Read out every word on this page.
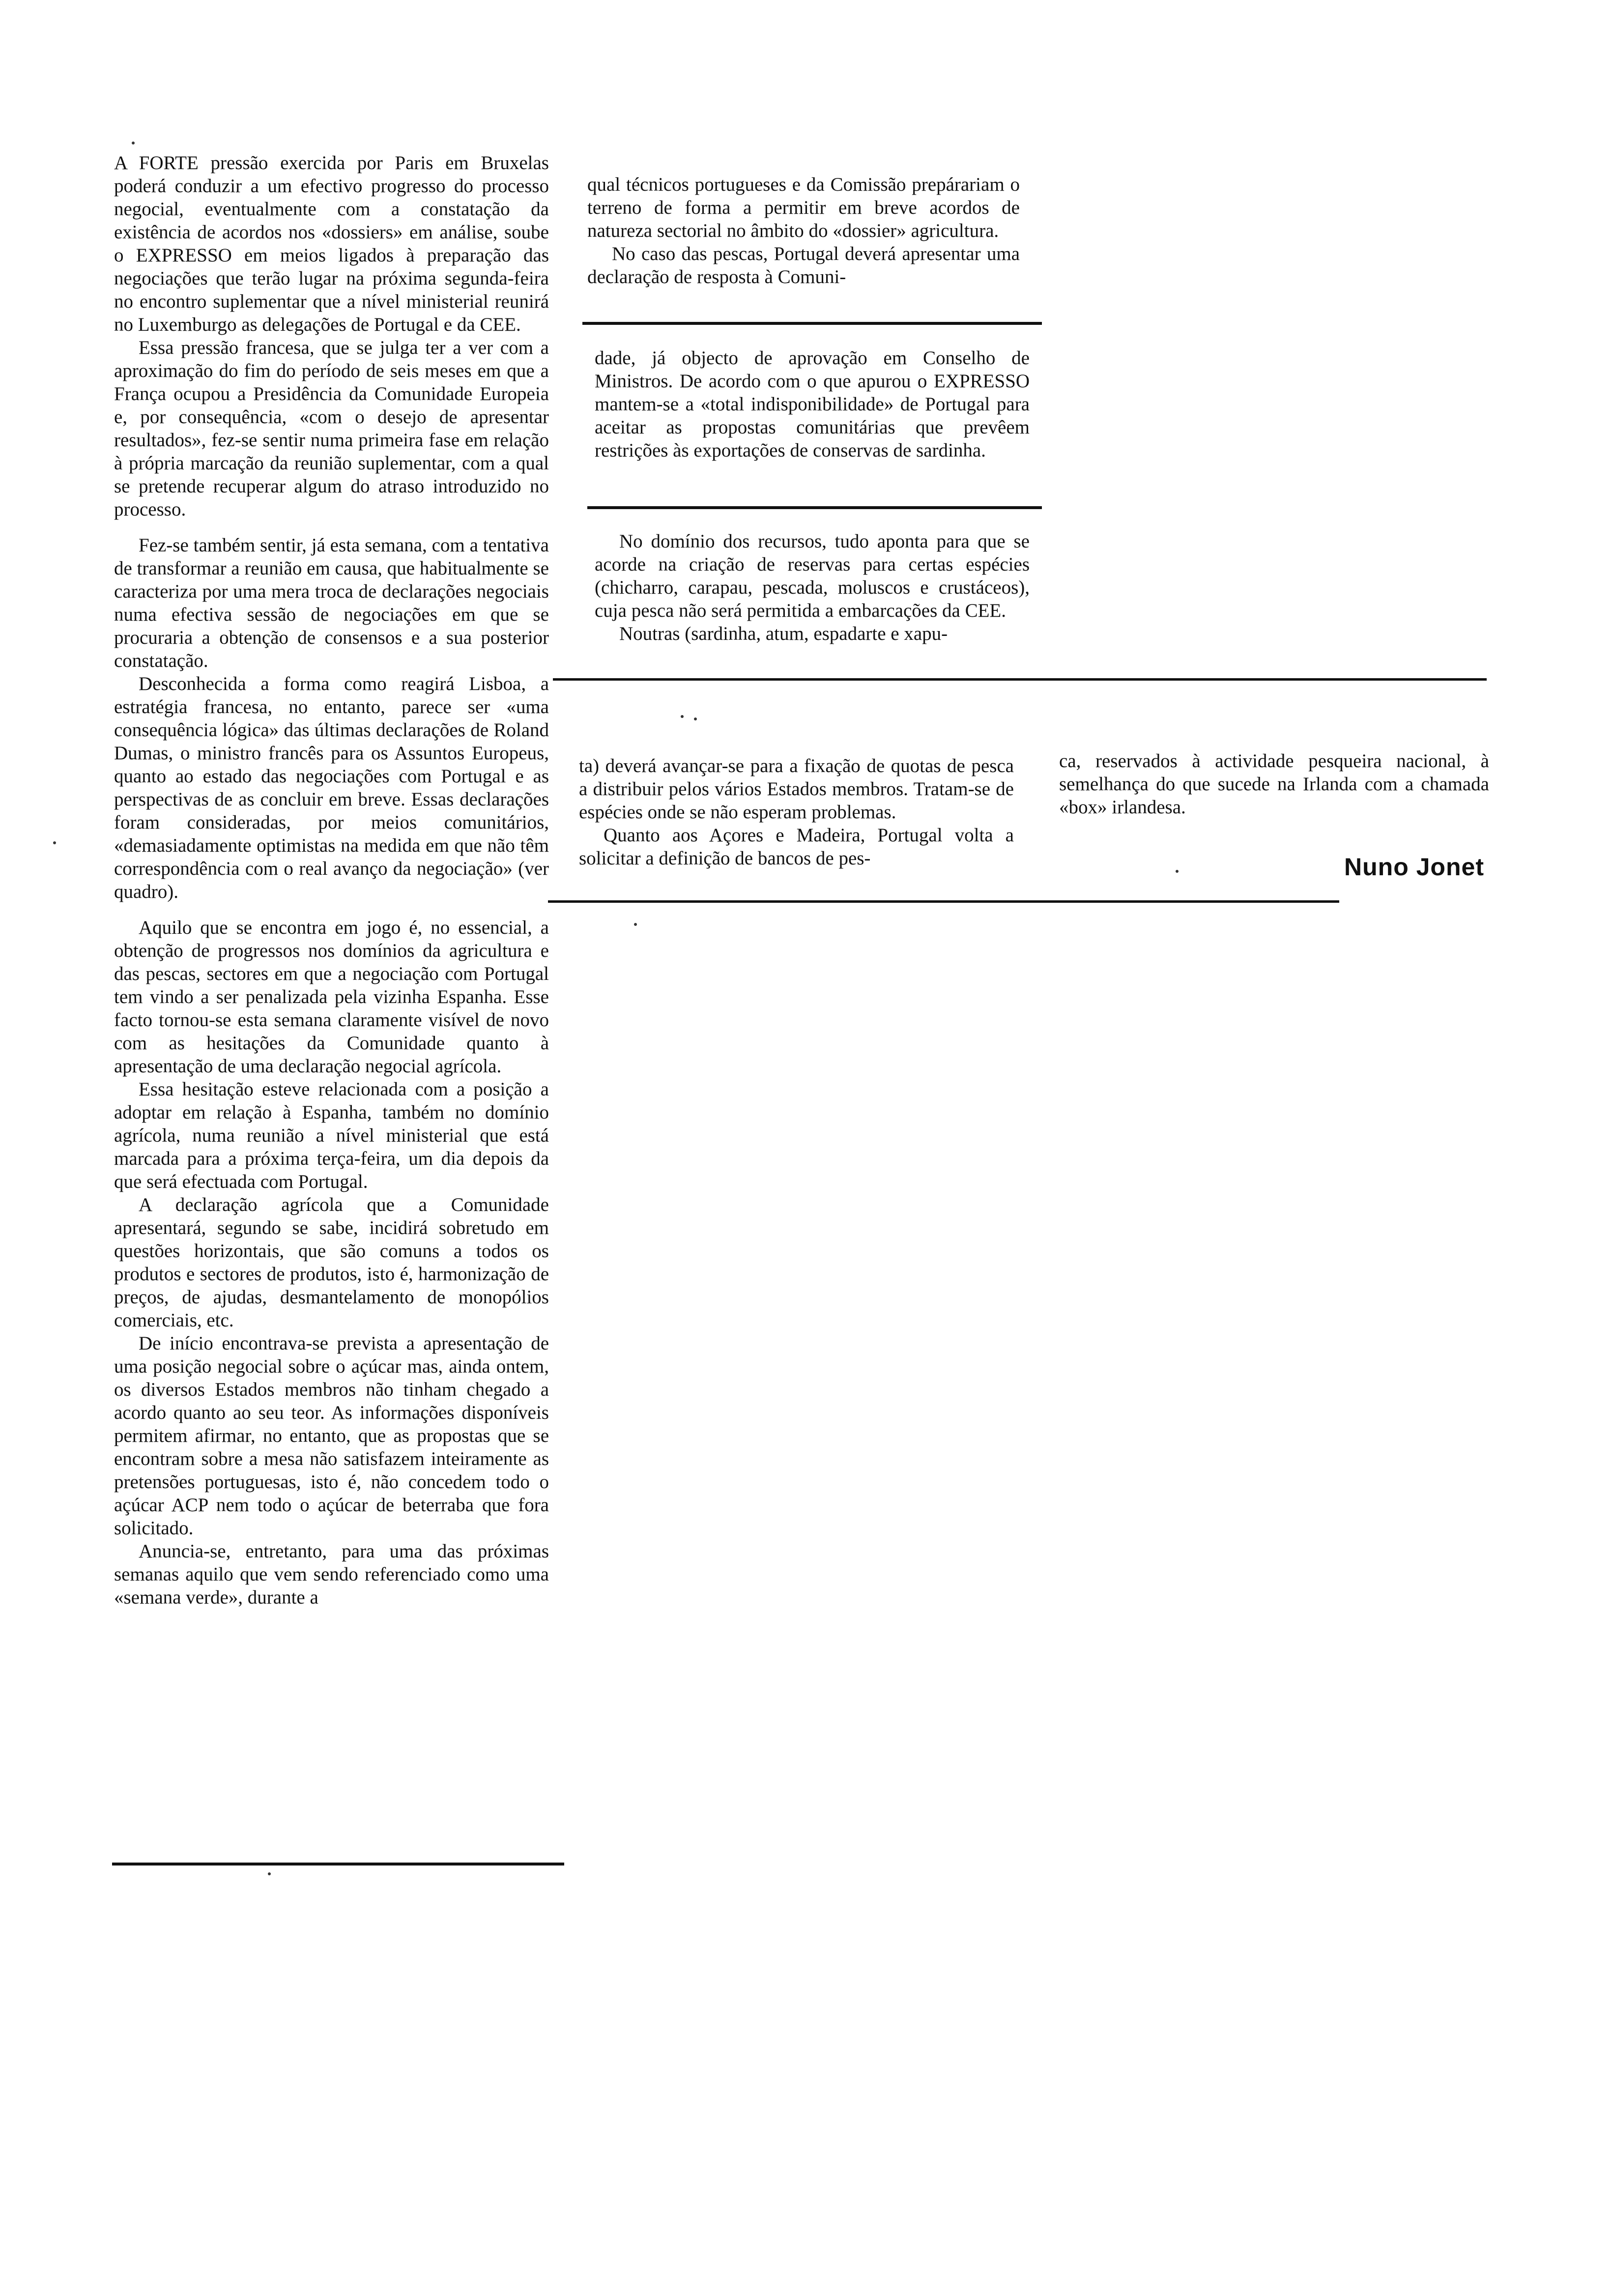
A FORTE pressão exercida por Paris em Bruxelas poderá conduzir a um efectivo progresso do processo negocial, eventualmente com a constatação da existência de acordos nos «dossiers» em análise, soube o EXPRESSO em meios ligados à preparação das negociações que terão lugar na próxima segunda-feira no encontro suplementar que a nível ministerial reunirá no Luxemburgo as delegações de Portugal e da CEE.

Essa pressão francesa, que se julga ter a ver com a aproximação do fim do período de seis meses em que a França ocupou a Presidência da Comunidade Europeia e, por consequência, «com o desejo de apresentar resultados», fez-se sentir numa primeira fase em relação à própria marcação da reunião suplementar, com a qual se pretende recuperar algum do atraso introduzido no processo.

Fez-se também sentir, já esta semana, com a tentativa de transformar a reunião em causa, que habitualmente se caracteriza por uma mera troca de declarações negociais numa efectiva sessão de negociações em que se procuraria a obtenção de consensos e a sua posterior constatação.

Desconhecida a forma como reagirá Lisboa, a estratégia francesa, no entanto, parece ser «uma consequência lógica» das últimas declarações de Roland Dumas, o ministro francês para os Assuntos Europeus, quanto ao estado das negociações com Portugal e as perspectivas de as concluir em breve. Essas declarações foram consideradas, por meios comunitários, «demasiadamente optimistas na medida em que não têm correspondência com o real avanço da negociação» (ver quadro).

Aquilo que se encontra em jogo é, no essencial, a obtenção de progressos nos domínios da agricultura e das pescas, sectores em que a negociação com Portugal tem vindo a ser penalizada pela vizinha Espanha. Esse facto tornou-se esta semana claramente visível de novo com as hesitações da Comunidade quanto à apresentação de uma declaração negocial agrícola.

Essa hesitação esteve relacionada com a posição a adoptar em relação à Espanha, também no domínio agrícola, numa reunião a nível ministerial que está marcada para a próxima terça-feira, um dia depois da que será efectuada com Portugal.

A declaração agrícola que a Comunidade apresentará, segundo se sabe, incidirá sobretudo em questões horizontais, que são comuns a todos os produtos e sectores de produtos, isto é, harmonização de preços, de ajudas, desmantelamento de monopólios comerciais, etc.

De início encontrava-se prevista a apresentação de uma posição negocial sobre o açúcar mas, ainda ontem, os diversos Estados membros não tinham chegado a acordo quanto ao seu teor. As informações disponíveis permitem afirmar, no entanto, que as propostas que se encontram sobre a mesa não satisfazem inteiramente as pretensões portuguesas, isto é, não concedem todo o açúcar ACP nem todo o açúcar de beterraba que fora solicitado.

Anuncia-se, entretanto, para uma das próximas semanas aquilo que vem sendo referenciado como uma «semana verde», durante a

qual técnicos portugueses e da Comissão prepárariam o terreno de forma a permitir em breve acordos de natureza sectorial no âmbito do «dossier» agricultura.

No caso das pescas, Portugal deverá apresentar uma declaração de resposta à Comuni-

dade, já objecto de aprovação em Conselho de Ministros. De acordo com o que apurou o EXPRESSO mantem-se a «total indisponibilidade» de Portugal para aceitar as propostas comunitárias que prevêem restrições às exportações de conservas de sardinha.

No domínio dos recursos, tudo aponta para que se acorde na criação de reservas para certas espécies (chicharro, carapau, pescada, moluscos e crustáceos), cuja pesca não será permitida a embarcações da CEE.

Noutras (sardinha, atum, espadarte e xapu-

ta) deverá avançar-se para a fixação de quotas de pesca a distribuir pelos vários Estados membros. Tratam-se de espécies onde se não esperam problemas.

Quanto aos Açores e Madeira, Portugal volta a solicitar a definição de bancos de pes-

ca, reservados à actividade pesqueira nacional, à semelhança do que sucede na Irlanda com a chamada «box» irlandesa.

Nuno Jonet
